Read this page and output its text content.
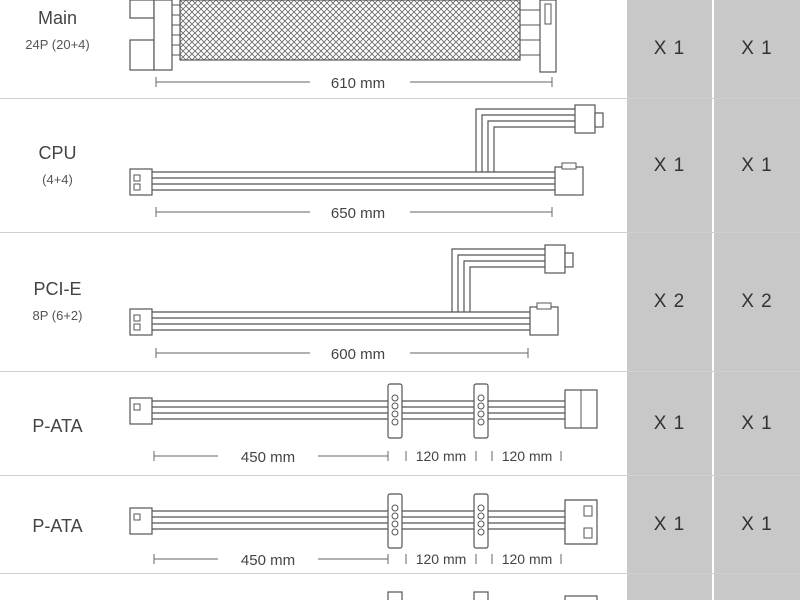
Main
24P (20+4)
610 mm
X 1	X 1
CPU
(4+4)
650 mm
X 1	X 1
PCI-E
8P (6+2)
600 mm
X 2	X 2
P-ATA
450 mm	120 mm	120 mm
X 1	X 1
P-ATA
450 mm	120 mm	120 mm
X 1	X 1
